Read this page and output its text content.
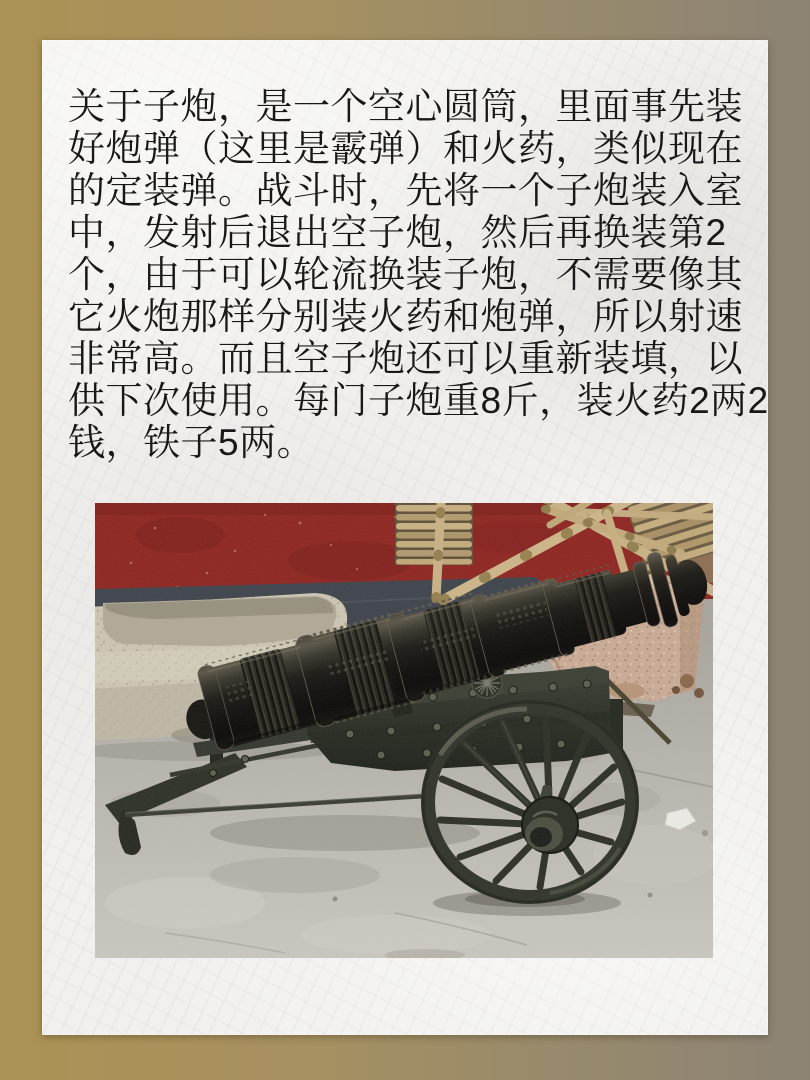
关于子炮，是一个空心圆筒，里面事先装
好炮弹（这里是霰弹）和火药，类似现在
的定装弹。战斗时，先将一个子炮装入室
中，发射后退出空子炮，然后再换装第2
个，由于可以轮流换装子炮，不需要像其
它火炮那样分别装火药和炮弹，所以射速
非常高。而且空子炮还可以重新装填，以
供下次使用。每门子炮重8斤，装火药2两2
钱，铁子5两。
